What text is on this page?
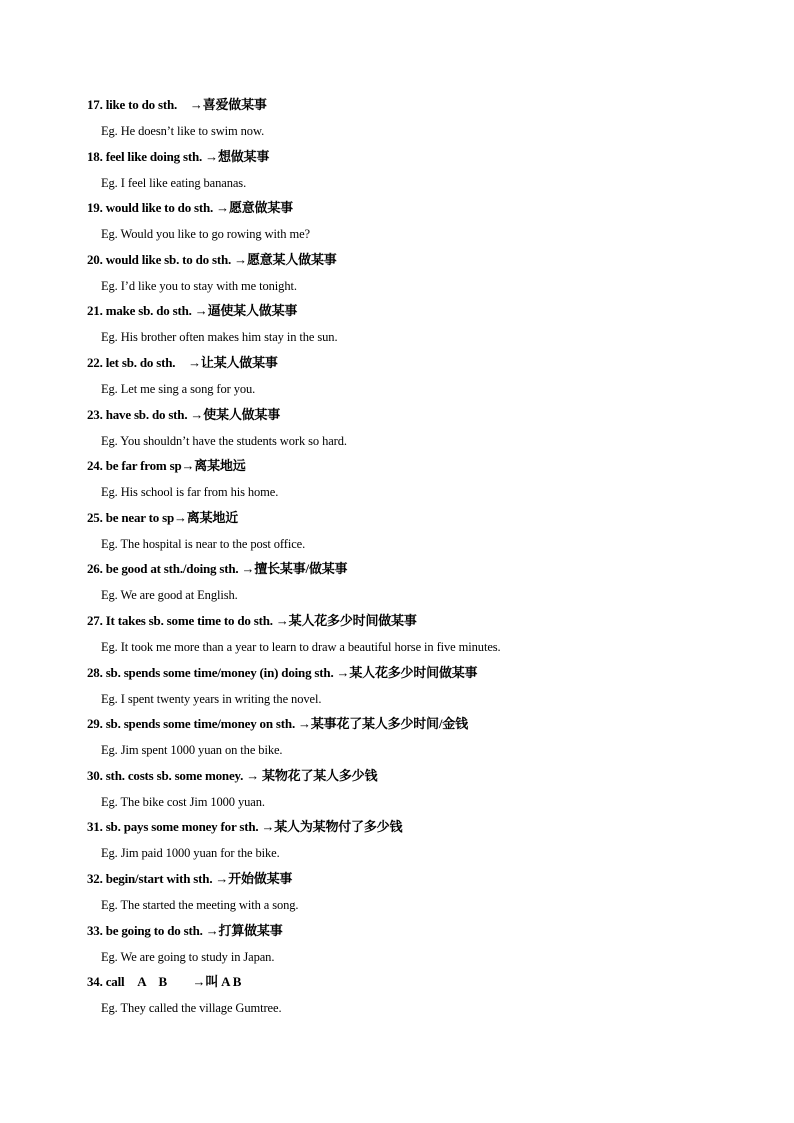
17. like to do sth.　→喜爱做某事
Eg. He doesn’t like to swim now.
18. feel like doing sth. →想做某事
Eg. I feel like eating bananas.
19. would like to do sth. →愿意做某事
Eg. Would you like to go rowing with me?
20. would like sb. to do sth. →愿意某人做某事
Eg. I’d like you to stay with me tonight.
21. make sb. do sth. →逼使某人做某事
Eg. His brother often makes him stay in the sun.
22. let sb. do sth.　→让某人做某事
Eg. Let me sing a song for you.
23. have sb. do sth. →使某人做某事
Eg. You shouldn’t have the students work so hard.
24. be far from sp→离某地远
Eg. His school is far from his home.
25. be near to sp→离某地近
Eg. The hospital is near to the post office.
26. be good at sth./doing sth. →擅长某事/做某事
Eg. We are good at English.
27. It takes sb. some time to do sth. →某人花多少时间做某事
Eg. It took me more than a year to learn to draw a beautiful horse in five minutes.
28. sb. spends some time/money (in) doing sth. →某人花多少时间做某事
Eg. I spent twenty years in writing the novel.
29. sb. spends some time/money on sth. →某事花了某人多少时间/金钱
Eg. Jim spent 1000 yuan on the bike.
30. sth. costs sb. some money. → 某物花了某人多少钱
Eg. The bike cost Jim 1000 yuan.
31. sb. pays some money for sth. →某人为某物付了多少钱
Eg. Jim paid 1000 yuan for the bike.
32. begin/start with sth. →开始做某事
Eg. The started the meeting with a song.
33. be going to do sth. →打算做某事
Eg. We are going to study in Japan.
34. call　A　B　　→叫 A B
Eg. They called the village Gumtree.
